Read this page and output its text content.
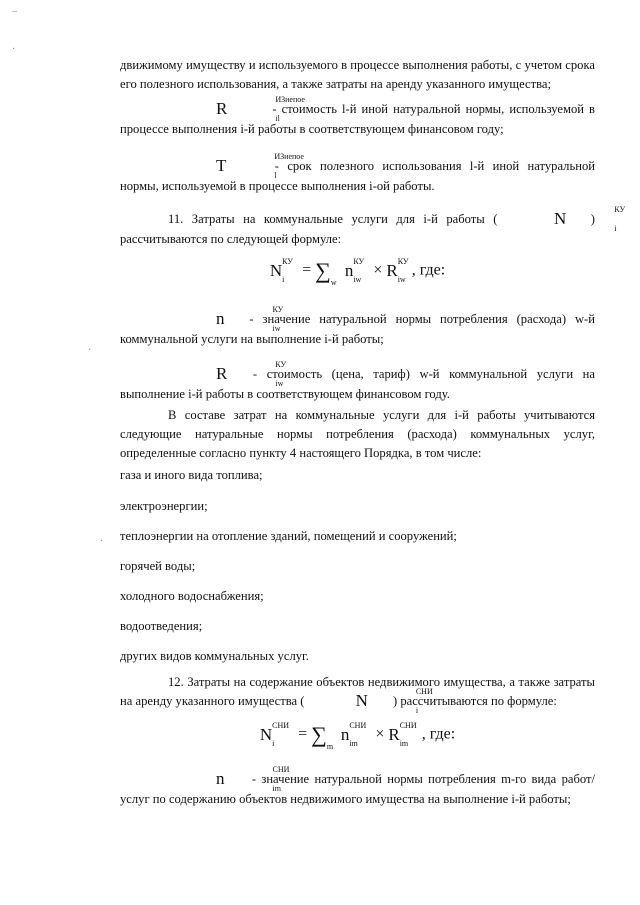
–
·
·
·
движимому имуществу и используемого в процессе выполнения работы, с учетом срока его полезного использования, а также затраты на аренду указанного имущества;
R	ИЗиепое
il
- стоимость l-й иной натуральной нормы, используемой в процессе выполнения i-й работы в соответствующем финансовом году;
T	ИЗиепое
l
- срок полезного использования l-й иной натуральной нормы, используемой в процессе выполнения i-ой работы.
11. Затраты на коммунальные услуги для i-й работы (	N	КУ
i
) рассчитываются по следующей формуле:
N КУ
i
= ∑ w
n КУ
iw
× R КУ
iw
, где:
n	КУ
iw
- значение натуральной нормы потребления (расхода) w-й коммунальной услуги на выполнение i-й работы;
R	КУ
iw
- стоимость (цена, тариф) w-й коммунальной услуги на выполнение i-й работы в соответствующем финансовом году.
В составе затрат на коммунальные услуги для i-й работы учитываются следующие натуральные нормы потребления (расхода) коммунальных услуг, определенные согласно пункту 4 настоящего Порядка, в том числе:
газа и иного вида топлива;
электроэнергии;
теплоэнергии на отопление зданий, помещений и сооружений;
горячей воды;
холодного водоснабжения;
водоотведения;
других видов коммунальных услуг.
12. Затраты на содержание объектов недвижимого имущества, а также затраты на аренду указанного имущества (	N	СНИ
i
) рассчитываются по формуле:
N СНИ
i
= ∑ m
n СНИ
im
× R СНИ
im
, где:
n	СНИ
im
- значение натуральной нормы потребления m-го вида работ/услуг по содержанию объектов недвижимого имущества на выполнение i-й работы;
